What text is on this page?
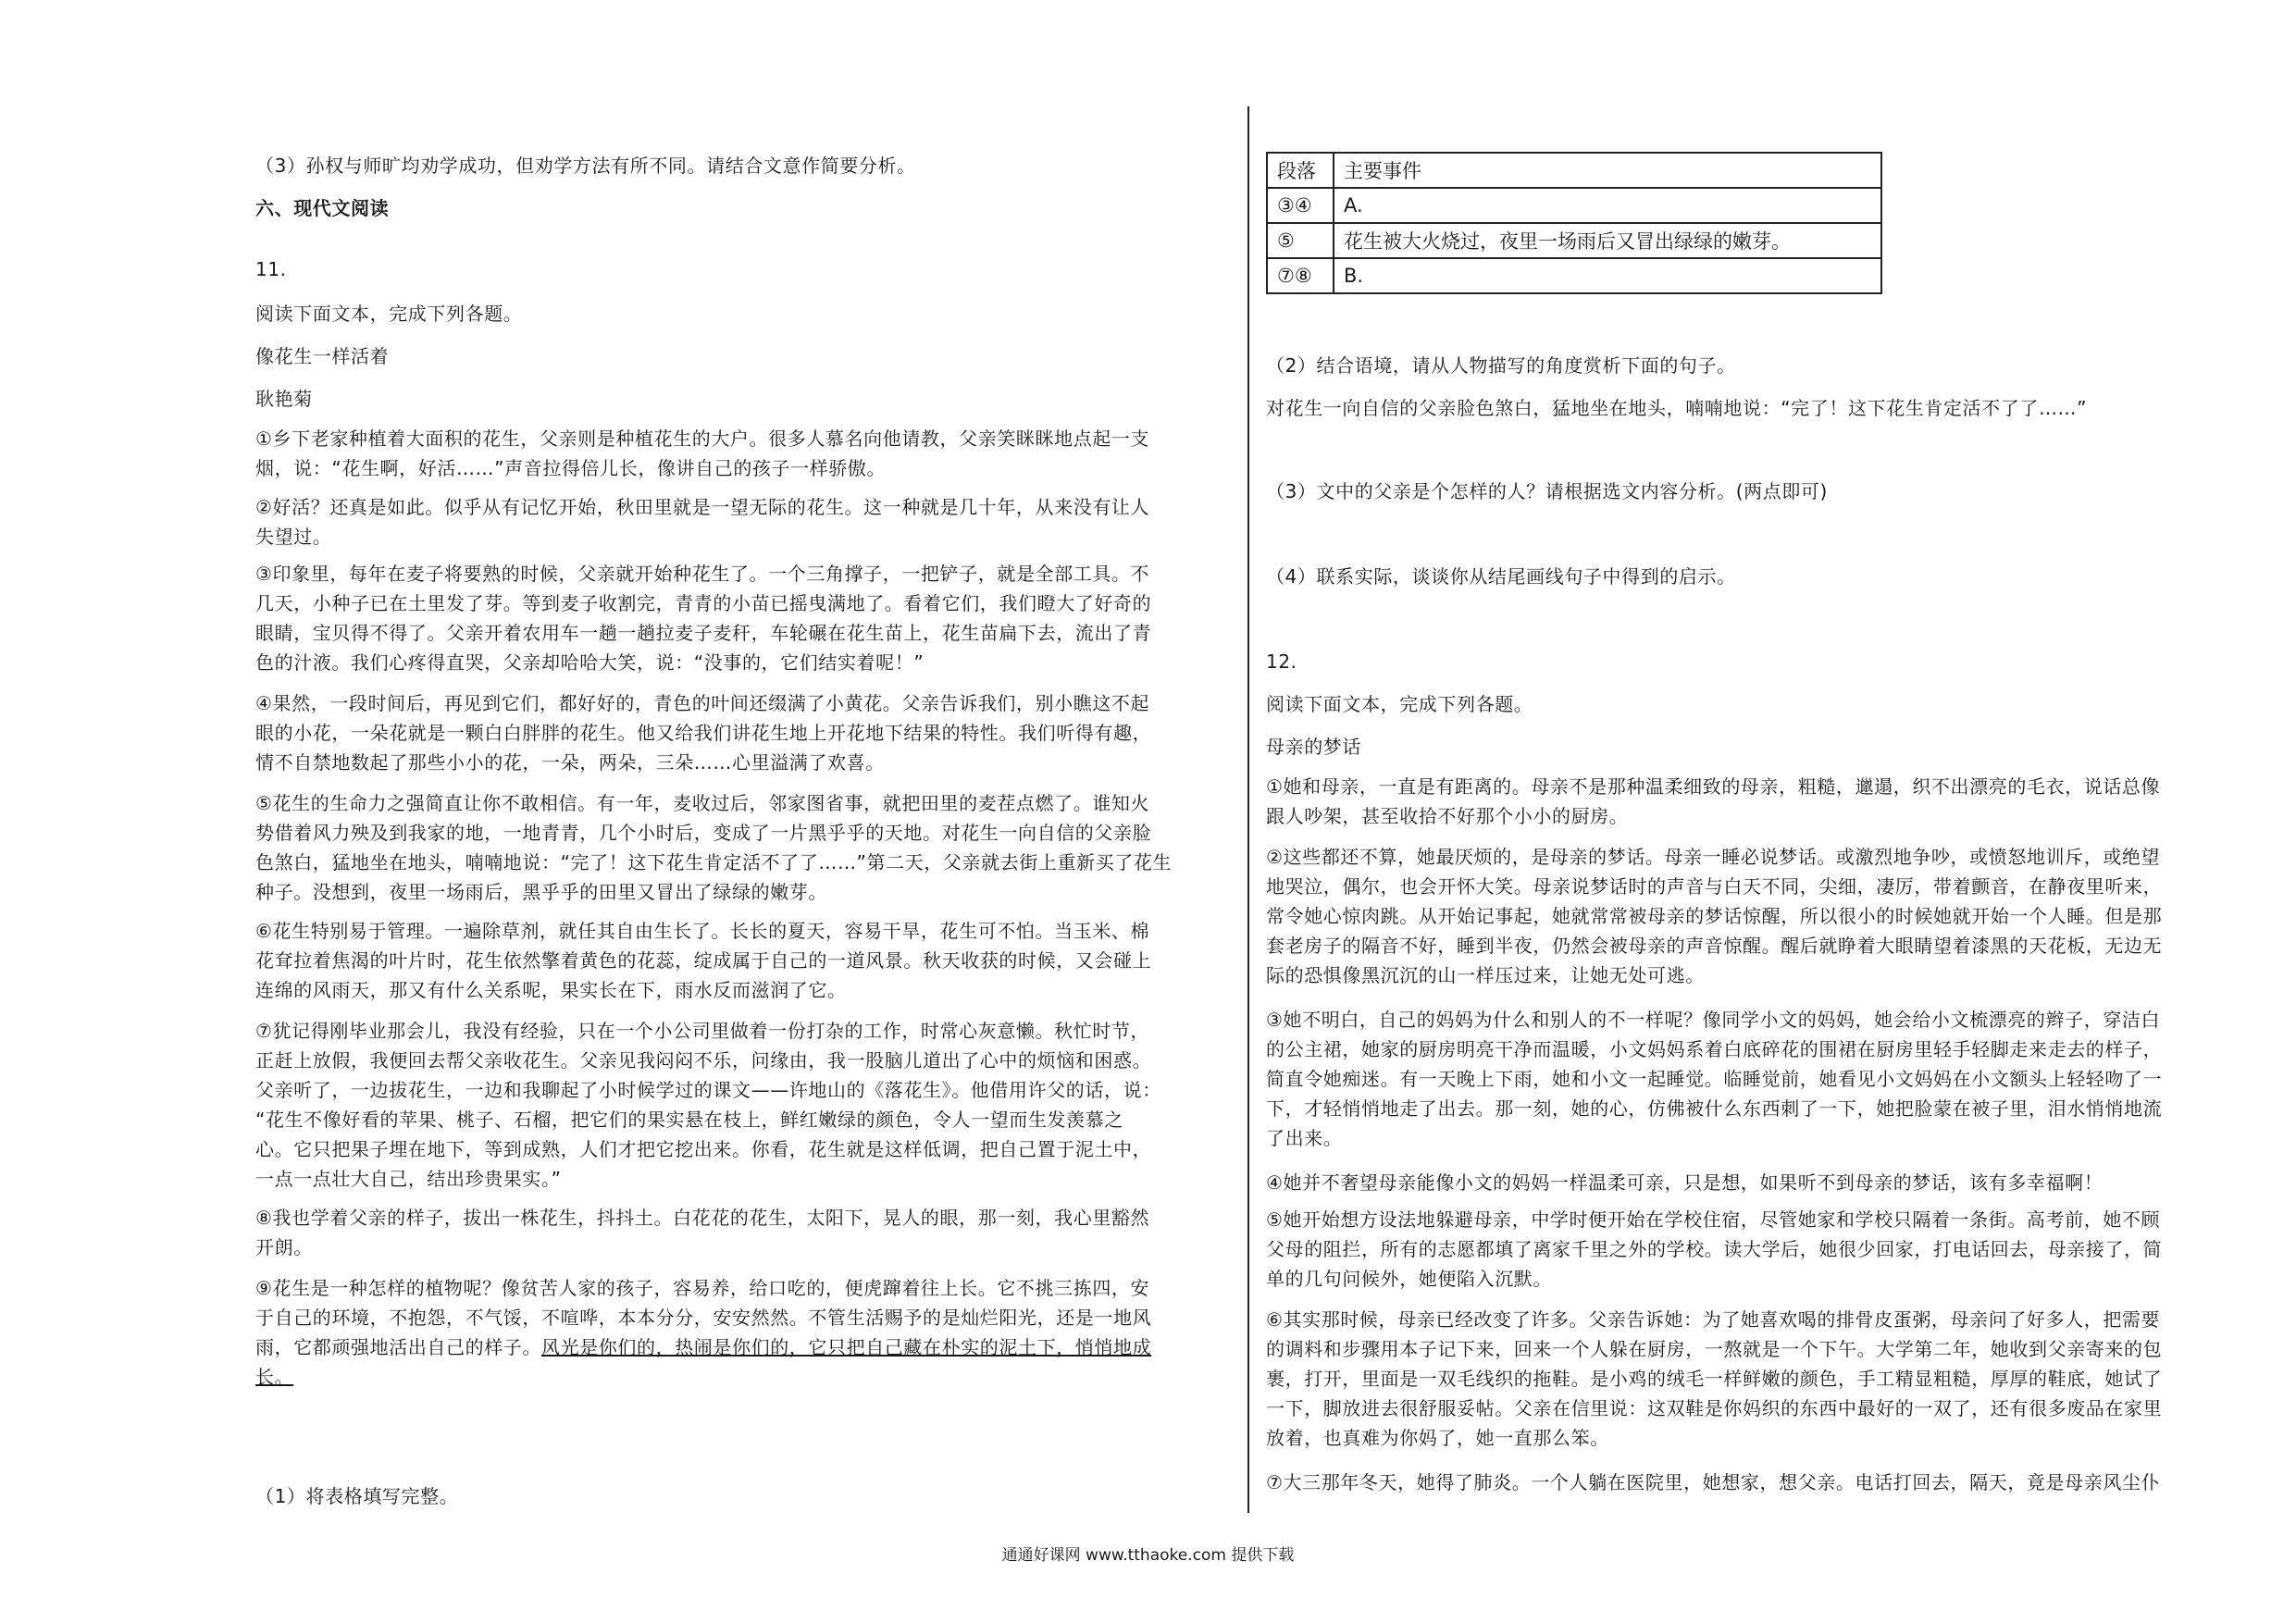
（3）孙权与师旷均劝学成功，但劝学方法有所不同。请结合文意作简要分析。
六、现代文阅读
11.
阅读下面文本，完成下列各题。
像花生一样活着
耿艳菊
①乡下老家种植着大面积的花生，父亲则是种植花生的大户。很多人慕名向他请教，父亲笑眯眯地点起一支
烟，说：“花生啊，好活……”声音拉得倍儿长，像讲自己的孩子一样骄傲。
②好活？还真是如此。似乎从有记忆开始，秋田里就是一望无际的花生。这一种就是几十年，从来没有让人
失望过。
③印象里，每年在麦子将要熟的时候，父亲就开始种花生了。一个三角撑子，一把铲子，就是全部工具。不
几天，小种子已在土里发了芽。等到麦子收割完，青青的小苗已摇曳满地了。看着它们，我们瞪大了好奇的
眼睛，宝贝得不得了。父亲开着农用车一趟一趟拉麦子麦秆，车轮碾在花生苗上，花生苗扁下去，流出了青
色的汁液。我们心疼得直哭，父亲却哈哈大笑，说：“没事的，它们结实着呢！”
④果然，一段时间后，再见到它们，都好好的，青色的叶间还缀满了小黄花。父亲告诉我们，别小瞧这不起
眼的小花，一朵花就是一颗白白胖胖的花生。他又给我们讲花生地上开花地下结果的特性。我们听得有趣，
情不自禁地数起了那些小小的花，一朵，两朵，三朵……心里溢满了欢喜。
⑤花生的生命力之强简直让你不敢相信。有一年，麦收过后，邻家图省事，就把田里的麦茬点燃了。谁知火
势借着风力殃及到我家的地，一地青青，几个小时后，变成了一片黑乎乎的天地。对花生一向自信的父亲脸
色煞白，猛地坐在地头，喃喃地说：“完了！这下花生肯定活不了了……”第二天，父亲就去街上重新买了花生
种子。没想到，夜里一场雨后，黑乎乎的田里又冒出了绿绿的嫩芽。
⑥花生特别易于管理。一遍除草剂，就任其自由生长了。长长的夏天，容易干旱，花生可不怕。当玉米、棉
花耷拉着焦渴的叶片时，花生依然擎着黄色的花蕊，绽成属于自己的一道风景。秋天收获的时候，又会碰上
连绵的风雨天，那又有什么关系呢，果实长在下，雨水反而滋润了它。
⑦犹记得刚毕业那会儿，我没有经验，只在一个小公司里做着一份打杂的工作，时常心灰意懒。秋忙时节，
正赶上放假，我便回去帮父亲收花生。父亲见我闷闷不乐，问缘由，我一股脑儿道出了心中的烦恼和困惑。
父亲听了，一边拔花生，一边和我聊起了小时候学过的课文——许地山的《落花生》。他借用许父的话，说：
“花生不像好看的苹果、桃子、石榴，把它们的果实悬在枝上，鲜红嫩绿的颜色，令人一望而生发羡慕之
心。它只把果子埋在地下，等到成熟，人们才把它挖出来。你看，花生就是这样低调，把自己置于泥土中，
一点一点壮大自己，结出珍贵果实。”
⑧我也学着父亲的样子，拔出一株花生，抖抖土。白花花的花生，太阳下，晃人的眼，那一刻，我心里豁然
开朗。
⑨花生是一种怎样的植物呢？像贫苦人家的孩子，容易养，给口吃的，便虎蹿着往上长。它不挑三拣四，安
于自己的环境，不抱怨，不气馁，不喧哗，本本分分，安安然然。不管生活赐予的是灿烂阳光，还是一地风
雨，它都顽强地活出自己的样子。风光是你们的，热闹是你们的，它只把自己藏在朴实的泥土下，悄悄地成
长。
（1）将表格填写完整。
段落	主要事件
③④	A.
⑤	花生被大火烧过，夜里一场雨后又冒出绿绿的嫩芽。
⑦⑧	B.
（2）结合语境，请从人物描写的角度赏析下面的句子。
对花生一向自信的父亲脸色煞白，猛地坐在地头，喃喃地说：“完了！这下花生肯定活不了了……”
（3）文中的父亲是个怎样的人？请根据选文内容分析。(两点即可)
（4）联系实际，谈谈你从结尾画线句子中得到的启示。
12.
阅读下面文本，完成下列各题。
母亲的梦话
①她和母亲，一直是有距离的。母亲不是那种温柔细致的母亲，粗糙，邋遢，织不出漂亮的毛衣，说话总像
跟人吵架，甚至收拾不好那个小小的厨房。
②这些都还不算，她最厌烦的，是母亲的梦话。母亲一睡必说梦话。或激烈地争吵，或愤怒地训斥，或绝望
地哭泣，偶尔，也会开怀大笑。母亲说梦话时的声音与白天不同，尖细，凄厉，带着颤音，在静夜里听来，
常令她心惊肉跳。从开始记事起，她就常常被母亲的梦话惊醒，所以很小的时候她就开始一个人睡。但是那
套老房子的隔音不好，睡到半夜，仍然会被母亲的声音惊醒。醒后就睁着大眼睛望着漆黑的天花板，无边无
际的恐惧像黑沉沉的山一样压过来，让她无处可逃。
③她不明白，自己的妈妈为什么和别人的不一样呢？像同学小文的妈妈，她会给小文梳漂亮的辫子，穿洁白
的公主裙，她家的厨房明亮干净而温暖，小文妈妈系着白底碎花的围裙在厨房里轻手轻脚走来走去的样子，
简直令她痴迷。有一天晚上下雨，她和小文一起睡觉。临睡觉前，她看见小文妈妈在小文额头上轻轻吻了一
下，才轻悄悄地走了出去。那一刻，她的心，仿佛被什么东西刺了一下，她把脸蒙在被子里，泪水悄悄地流
了出来。
④她并不奢望母亲能像小文的妈妈一样温柔可亲，只是想，如果听不到母亲的梦话，该有多幸福啊！
⑤她开始想方设法地躲避母亲，中学时便开始在学校住宿，尽管她家和学校只隔着一条街。高考前，她不顾
父母的阻拦，所有的志愿都填了离家千里之外的学校。读大学后，她很少回家，打电话回去，母亲接了，简
单的几句问候外，她便陷入沉默。
⑥其实那时候，母亲已经改变了许多。父亲告诉她：为了她喜欢喝的排骨皮蛋粥，母亲问了好多人，把需要
的调料和步骤用本子记下来，回来一个人躲在厨房，一熬就是一个下午。大学第二年，她收到父亲寄来的包
裹，打开，里面是一双毛线织的拖鞋。是小鸡的绒毛一样鲜嫩的颜色，手工精显粗糙，厚厚的鞋底，她试了
一下，脚放进去很舒服妥帖。父亲在信里说：这双鞋是你妈织的东西中最好的一双了，还有很多废品在家里
放着，也真难为你妈了，她一直那么笨。
⑦大三那年冬天，她得了肺炎。一个人躺在医院里，她想家，想父亲。电话打回去，隔天，竟是母亲风尘仆
通通好课网 www.tthaoke.com 提供下载
